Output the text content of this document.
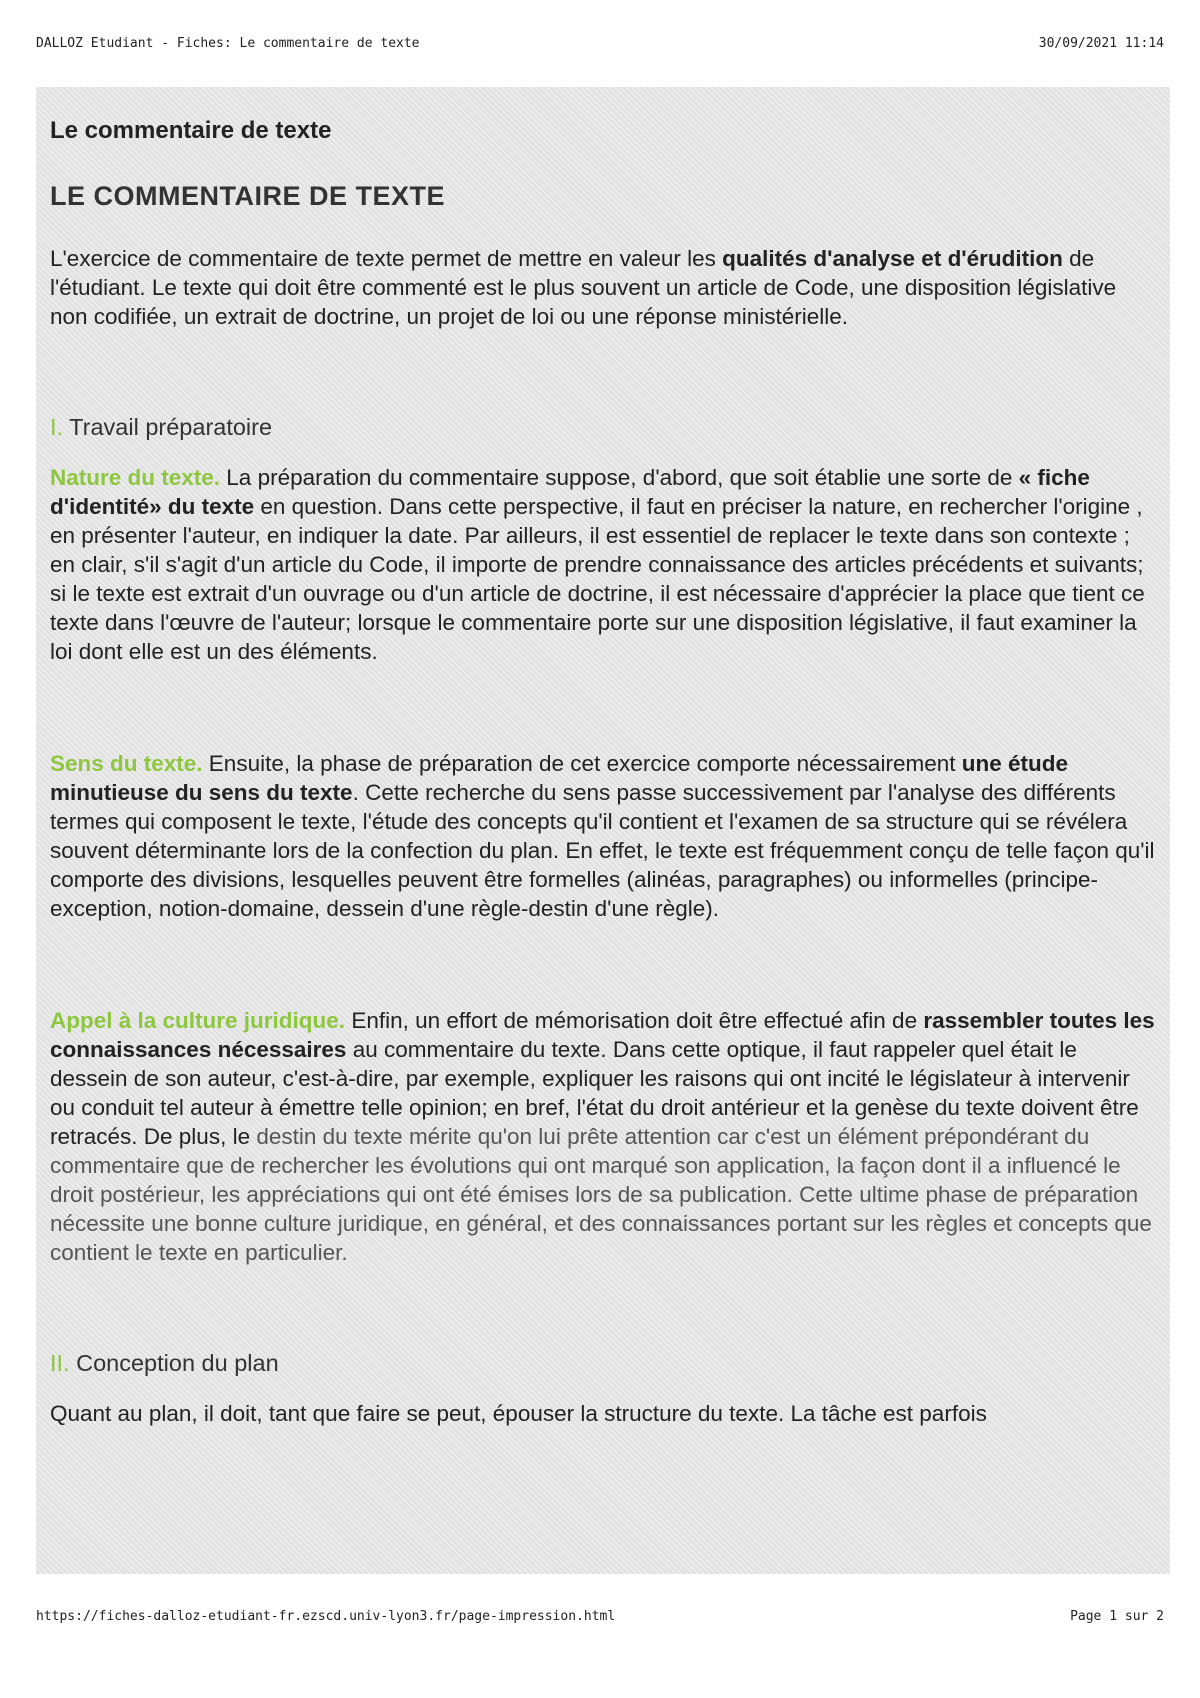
DALLOZ Etudiant - Fiches: Le commentaire de texte	30/09/2021 11:14
Le commentaire de texte
LE COMMENTAIRE DE TEXTE

L'exercice de commentaire de texte permet de mettre en valeur les qualités d'analyse et d'érudition de l'étudiant. Le texte qui doit être commenté est le plus souvent un article de Code, une disposition législative non codifiée, un extrait de doctrine, un projet de loi ou une réponse ministérielle.

I. Travail préparatoire

Nature du texte. La préparation du commentaire suppose, d'abord, que soit établie une sorte de « fiche d'identité» du texte en question. Dans cette perspective, il faut en préciser la nature, en rechercher l'origine , en présenter l'auteur, en indiquer la date. Par ailleurs, il est essentiel de replacer le texte dans son contexte ; en clair, s'il s'agit d'un article du Code, il importe de prendre connaissance des articles précédents et suivants; si le texte est extrait d'un ouvrage ou d'un article de doctrine, il est nécessaire d'apprécier la place que tient ce texte dans l'œuvre de l'auteur; lorsque le commentaire porte sur une disposition législative, il faut examiner la loi dont elle est un des éléments.

Sens du texte. Ensuite, la phase de préparation de cet exercice comporte nécessairement une étude minutieuse du sens du texte. Cette recherche du sens passe successivement par l'analyse des différents termes qui composent le texte, l'étude des concepts qu'il contient et l'examen de sa structure qui se révélera souvent déterminante lors de la confection du plan. En effet, le texte est fréquemment conçu de telle façon qu'il comporte des divisions, lesquelles peuvent être formelles (alinéas, paragraphes) ou informelles (principe-exception, notion-domaine, dessein d'une règle-destin d'une règle).

Appel à la culture juridique. Enfin, un effort de mémorisation doit être effectué afin de rassembler toutes les connaissances nécessaires au commentaire du texte. Dans cette optique, il faut rappeler quel était le dessein de son auteur, c'est-à-dire, par exemple, expliquer les raisons qui ont incité le législateur à intervenir ou conduit tel auteur à émettre telle opinion; en bref, l'état du droit antérieur et la genèse du texte doivent être retracés. De plus, le destin du texte mérite qu'on lui prête attention car c'est un élément prépondérant du commentaire que de rechercher les évolutions qui ont marqué son application, la façon dont il a influencé le droit postérieur, les appréciations qui ont été émises lors de sa publication. Cette ultime phase de préparation nécessite une bonne culture juridique, en général, et des connaissances portant sur les règles et concepts que contient le texte en particulier.

II. Conception du plan

Quant au plan, il doit, tant que faire se peut, épouser la structure du texte. La tâche est parfois

https://fiches-dalloz-etudiant-fr.ezscd.univ-lyon3.fr/page-impression.html	Page 1 sur 2
